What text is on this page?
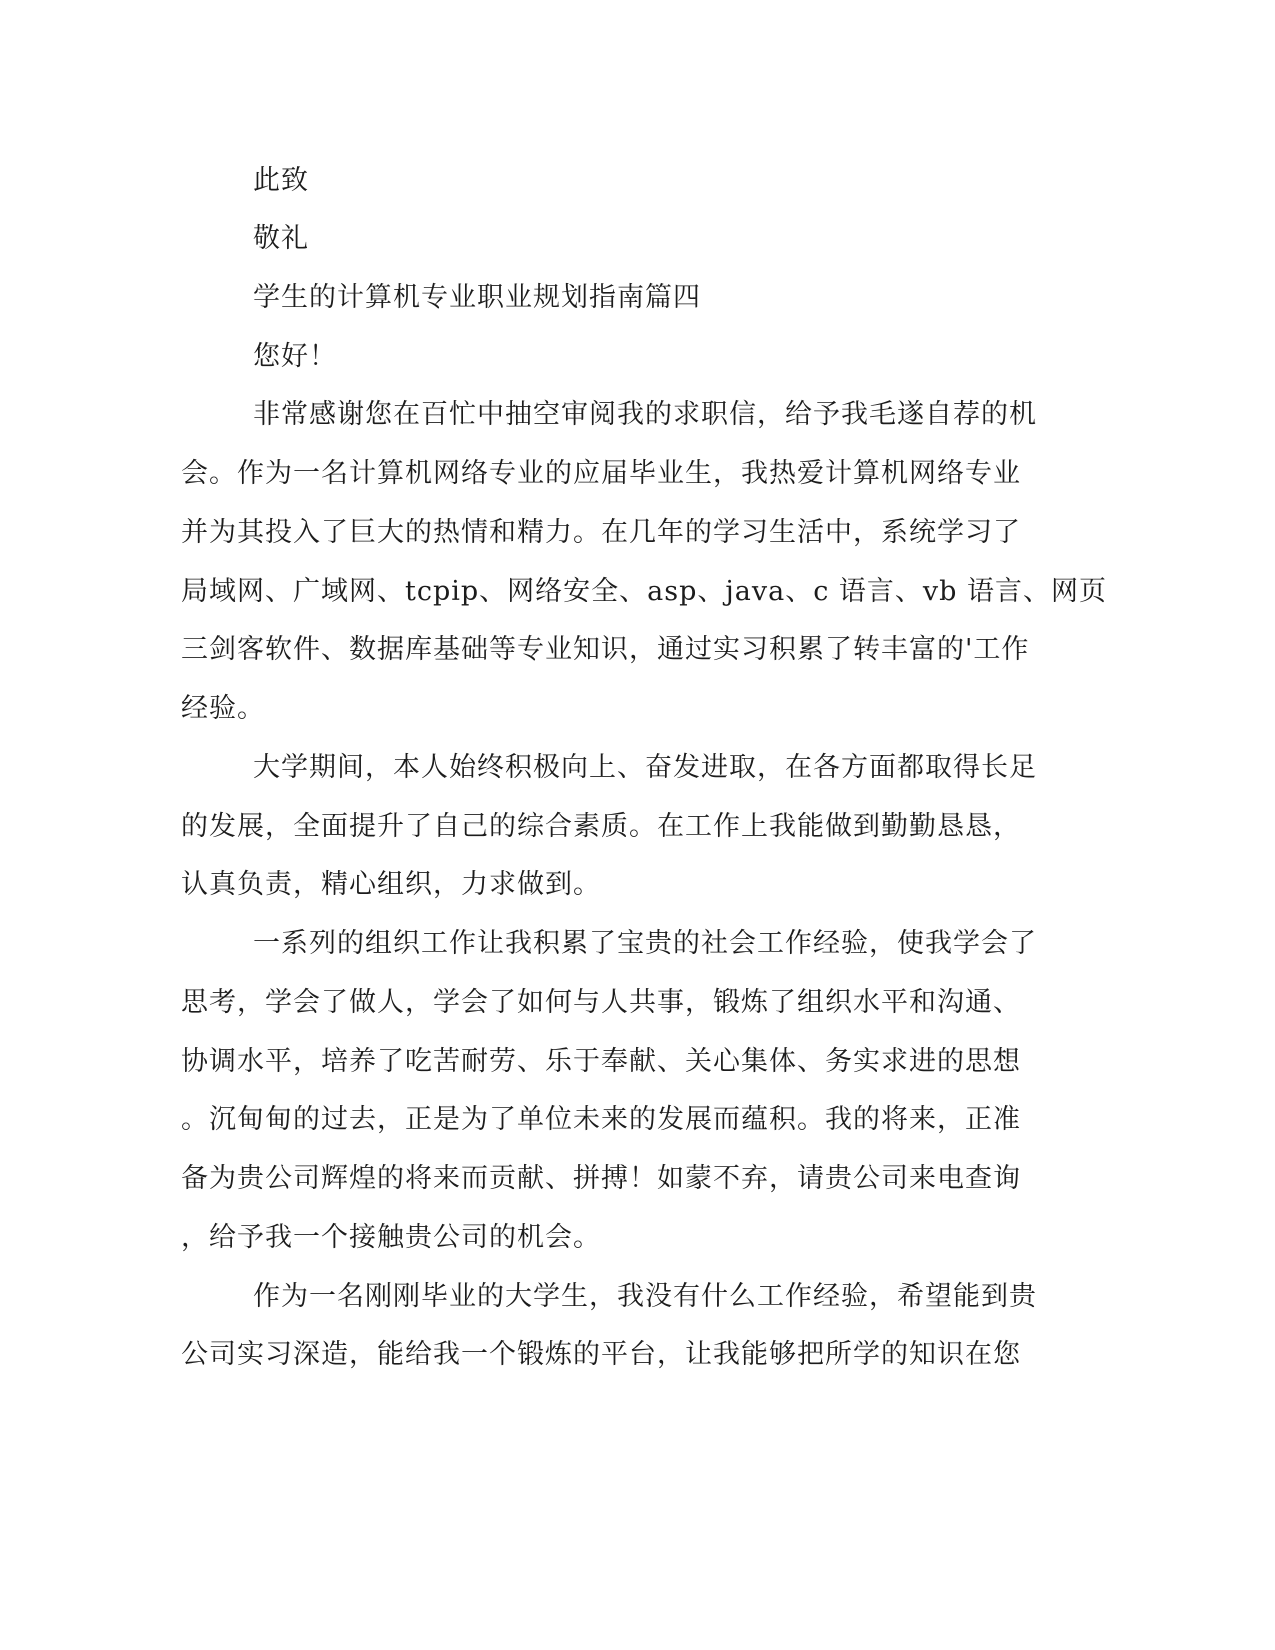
此致
敬礼
学生的计算机专业职业规划指南篇四
您好！
非常感谢您在百忙中抽空审阅我的求职信，给予我毛遂自荐的机
会。作为一名计算机网络专业的应届毕业生，我热爱计算机网络专业
并为其投入了巨大的热情和精力。在几年的学习生活中，系统学习了
局域网、广域网、tcpip、网络安全、asp、java、c 语言、vb 语言、网页
三剑客软件、数据库基础等专业知识，通过实习积累了转丰富的'工作
经验。
大学期间，本人始终积极向上、奋发进取，在各方面都取得长足
的发展，全面提升了自己的综合素质。在工作上我能做到勤勤恳恳，
认真负责，精心组织，力求做到。
一系列的组织工作让我积累了宝贵的社会工作经验，使我学会了
思考，学会了做人，学会了如何与人共事，锻炼了组织水平和沟通、
协调水平，培养了吃苦耐劳、乐于奉献、关心集体、务实求进的思想
。沉甸甸的过去，正是为了单位未来的发展而蕴积。我的将来，正准
备为贵公司辉煌的将来而贡献、拼搏！如蒙不弃，请贵公司来电查询
，给予我一个接触贵公司的机会。
作为一名刚刚毕业的大学生，我没有什么工作经验，希望能到贵
公司实习深造，能给我一个锻炼的平台，让我能够把所学的知识在您
